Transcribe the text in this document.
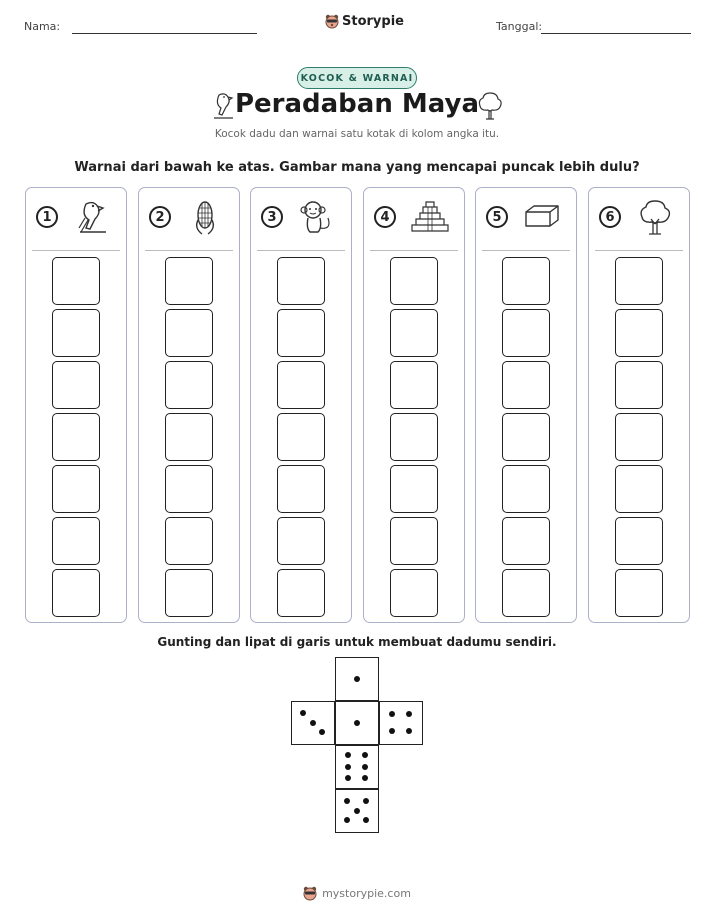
Nama:	Storypie	Tanggal:
KOCOK & WARNAI
Peradaban Maya
Kocok dadu dan warnai satu kotak di kolom angka itu.
Warnai dari bawah ke atas. Gambar mana yang mencapai puncak lebih dulu?
1	2	3	4	5	6
Gunting dan lipat di garis untuk membuat dadumu sendiri.
mystorypie.com
